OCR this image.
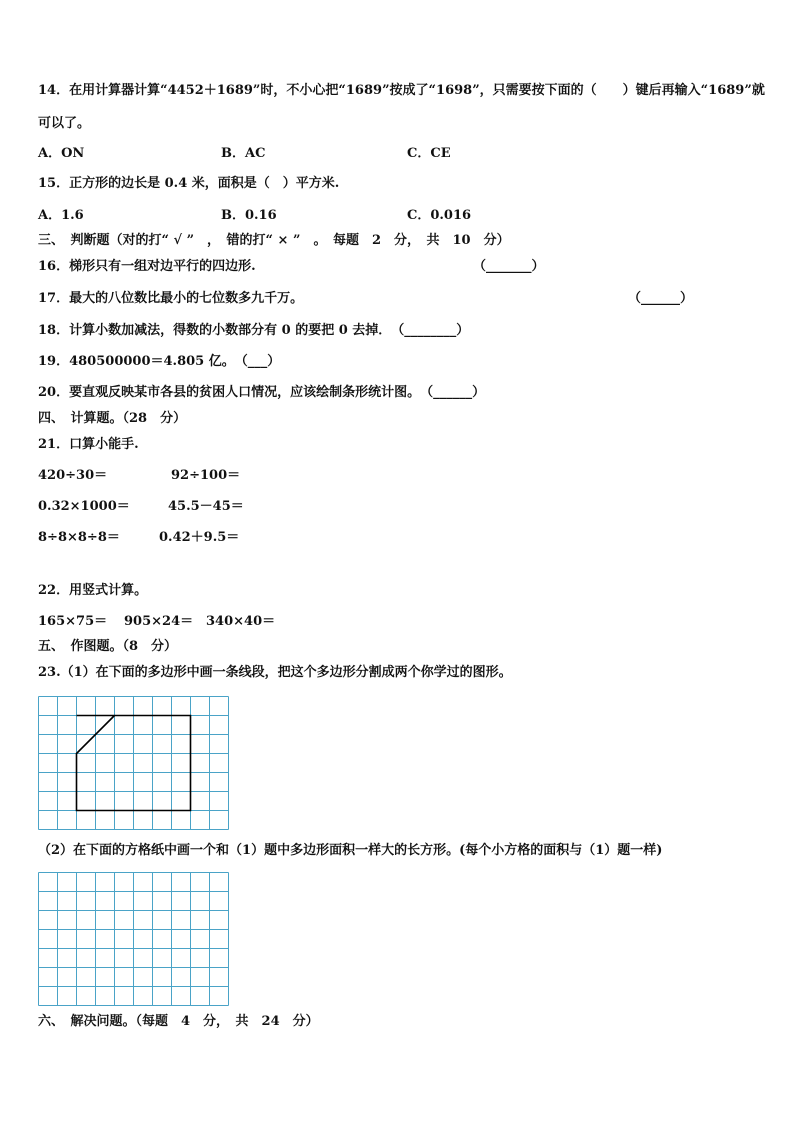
14．在用计算器计算“4452＋1689”时，不小心把“1689”按成了“1698”，只需要按下面的（　　）键后再输入“1689”就
可以了。
A．ON	B．AC	C．CE
15．正方形的边长是 0.4 米，面积是（　）平方米.
A．1.6	B．0.16	C．0.016
三、　判断题（对的打“ √ ”　，　错的打“ × ”　。　每题　2　分，　共　10　分）
16．梯形只有一组对边平行的四边形.	（_______）
17．最大的八位数比最小的七位数多九千万。	（______）
18．计算小数加减法，得数的小数部分有 0 的要把 0 去掉．　（________）
19．480500000＝4.805 亿。　（___）
20．要直观反映某市各县的贫困人口情况，应该绘制条形统计图。　（______）
四、　计算题。（28　分）
21．口算小能手.
420÷30＝	92÷100＝
0.32×1000＝	45.5－45＝
8÷8×8÷8＝	0.42＋9.5＝
22．用竖式计算。
165×75＝ 905×24＝ 340×40＝
五、　作图题。（8　分）
23.（1）在下面的多边形中画一条线段，把这个多边形分割成两个你学过的图形。
（2）在下面的方格纸中画一个和（1）题中多边形面积一样大的长方形。(每个小方格的面积与（1）题一样)
六、　解决问题。（每题　4　分，　共　24　分）
